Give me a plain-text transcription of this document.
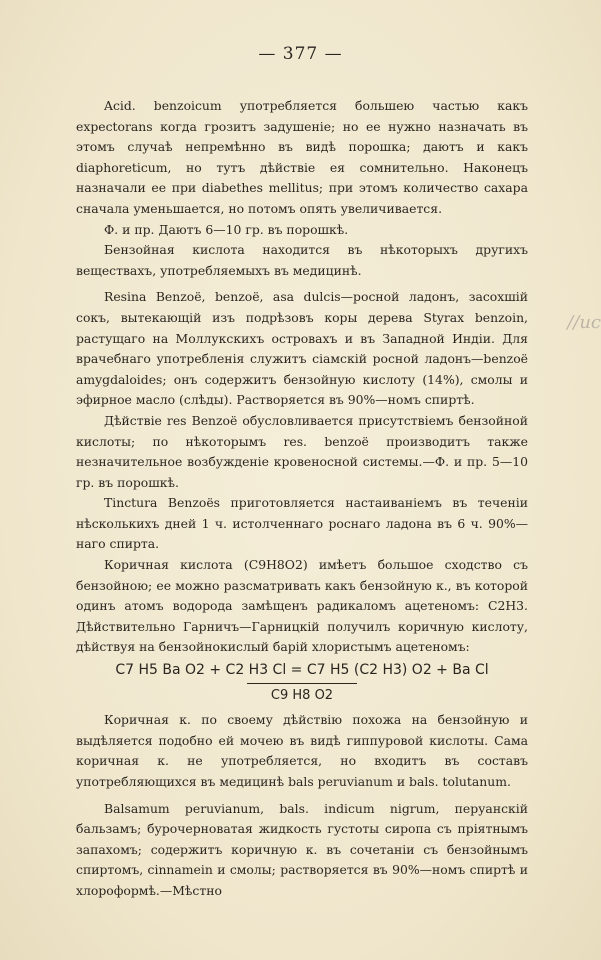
— 377 —
//ис

Acid. benzoicum употребляется большею частью какъ expectorans когда грозитъ задушенiе; но ее нужно назначать въ этомъ случаѣ непремѣнно въ видѣ порошка; даютъ и какъ diaphoreticum, но тутъ дѣйствiе ея сомнительно. Наконецъ назначали ее при diabethes mellitus; при этомъ количество сахара сначала уменьшается, но потомъ опять увеличивается.

Ф. и пр. Даютъ 6—10 гр. въ порошкѣ.

Бензойная кислота находится въ нѣкоторыхъ другихъ веществахъ, употребляемыхъ въ медицинѣ.

Resina Benzoë, benzoë, asa dulcis—росной ладонъ, засохшiй сокъ, вытекающiй изъ подрѣзовъ коры дерева Styrax benzoin, растущаго на Моллукскихъ островахъ и въ Западной Индiи. Для врачебнаго употребленiя служитъ сiамскiй росной ладонъ—benzoë amygdaloides; онъ содержитъ бензойную кислоту (14%), смолы и эфирное масло (слѣды). Растворяется въ 90%—номъ спиртѣ.

Дѣйствiе res Benzoë обусловливается присутствiемъ бензойной кислоты; по нѣкоторымъ res. benzoë производитъ также незначительное возбужденiе кровеносной системы.—Ф. и пр. 5—10 гр. въ порошкѣ.

Tinctura Benzoës приготовляется настаиванiемъ въ теченiи нѣсколькихъ дней 1 ч. истолченнаго роснаго ладона въ 6 ч. 90%—наго спирта.

Коричная кислота (C9H8O2) имѣетъ большое сходство съ бензойною; ее можно разсматривать какъ бензойную к., въ которой одинъ атомъ водорода замѣщенъ радикаломъ ацетеномъ: C2H3. Дѣйствительно Гарничъ—Гарницкiй получилъ коричную кислоту, дѣйствуя на бензойнокислый барiй хлористымъ ацетеномъ:

C7 H5 Ba O2 + C2 H3 Cl = C7 H5 (C2 H3) O2 + Ba Cl
C9 H8 O2

Коричная к. по своему дѣйствiю похожа на бензойную и выдѣляется подобно ей мочею въ видѣ гиппуровой кислоты. Сама коричная к. не употребляется, но входитъ въ составъ употребляющихся въ медицинѣ bals peruvianum и bals. tolutanum.

Balsamum peruvianum, bals. indicum nigrum, перуанскiй бальзамъ; бурочерноватая жидкость густоты сиропа съ прiятнымъ запахомъ; содержитъ коричную к. въ сочетанiи съ бензойнымъ спиртомъ, cinnamein и смолы; растворяется въ 90%—номъ спиртѣ и хлороформѣ.—Мѣстно
